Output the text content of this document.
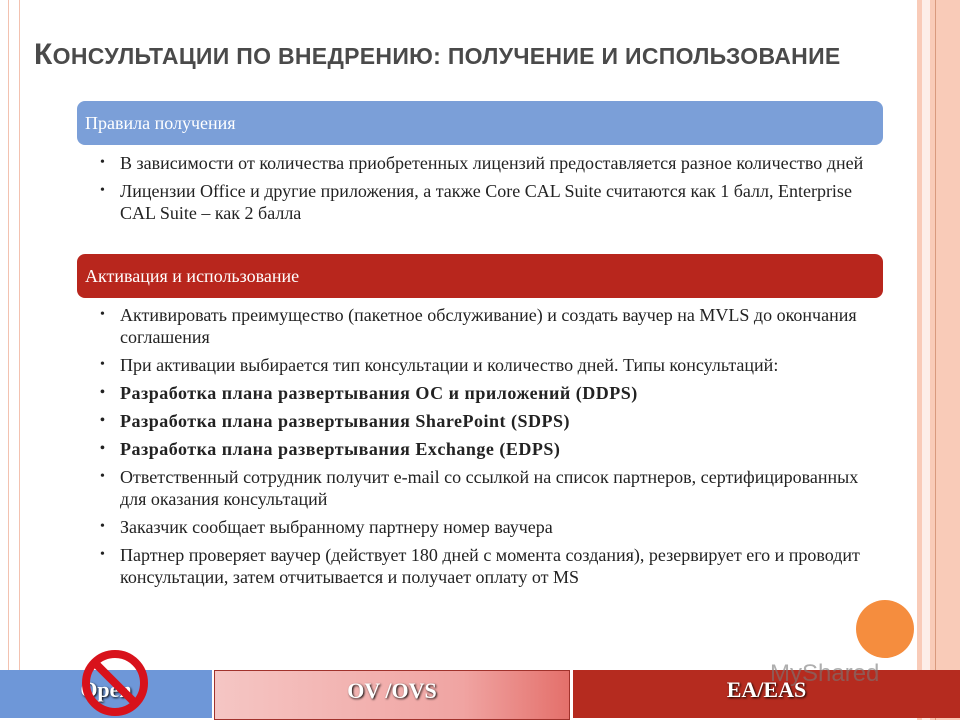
КОНСУЛЬТАЦИИ ПО ВНЕДРЕНИЮ: ПОЛУЧЕНИЕ И ИСПОЛЬЗОВАНИЕ
Правила получения
• В зависимости от количества приобретенных лицензий предоставляется разное количество дней
• Лицензии Office и другие приложения, а также Core CAL Suite считаются как 1 балл, Enterprise CAL Suite – как 2 балла
Активация и использование
• Активировать преимущество (пакетное обслуживание) и создать ваучер на MVLS до окончания соглашения
• При активации выбирается тип консультации и количество дней. Типы консультаций:
• Разработка плана развертывания ОС и приложений (DDPS)
• Разработка плана развертывания SharePoint (SDPS)
• Разработка плана развертывания Exchange (EDPS)
• Ответственный сотрудник получит e-mail со ссылкой на список партнеров, сертифицированных для оказания консультаций
• Заказчик сообщает выбранному партнеру номер ваучера
• Партнер проверяет ваучер (действует 180 дней с момента создания), резервирует его и проводит консультации, затем отчитывается и получает оплату от MS
Open	OV /OVS	EA/EAS
MyShared
